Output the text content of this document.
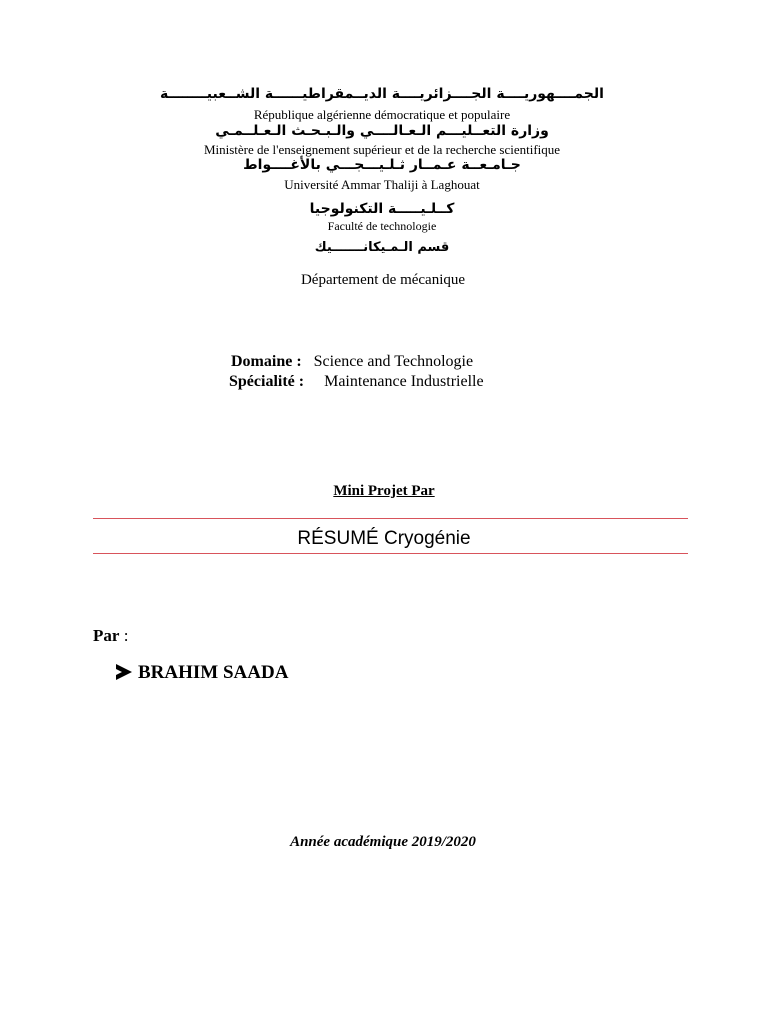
الجمــــهوريــــة الجــــزائريــــة الديــمقراطيــــــة الشــعبيــــــــة
République algérienne démocratique et populaire
وزارة التعــليـــم الـعـالــــي والـبـحـث الـعـلــمـي
Ministère de l'enseignement supérieur et de la recherche scientifique
جـامـعــة عـمــار ثـلـيـــجـــي بالأغــــواط
Université Ammar Thaliji à Laghouat
كــلـيـــــة التكنولوجيا
Faculté de technologie
قسم الـمـيكانـــــــيك
Département de mécanique
Domaine : Science and Technologie
Spécialité : Maintenance Industrielle
Mini Projet Par
RÉSUMÉ Cryogénie
Par :
BRAHIM SAADA
Année académique 2019/2020
